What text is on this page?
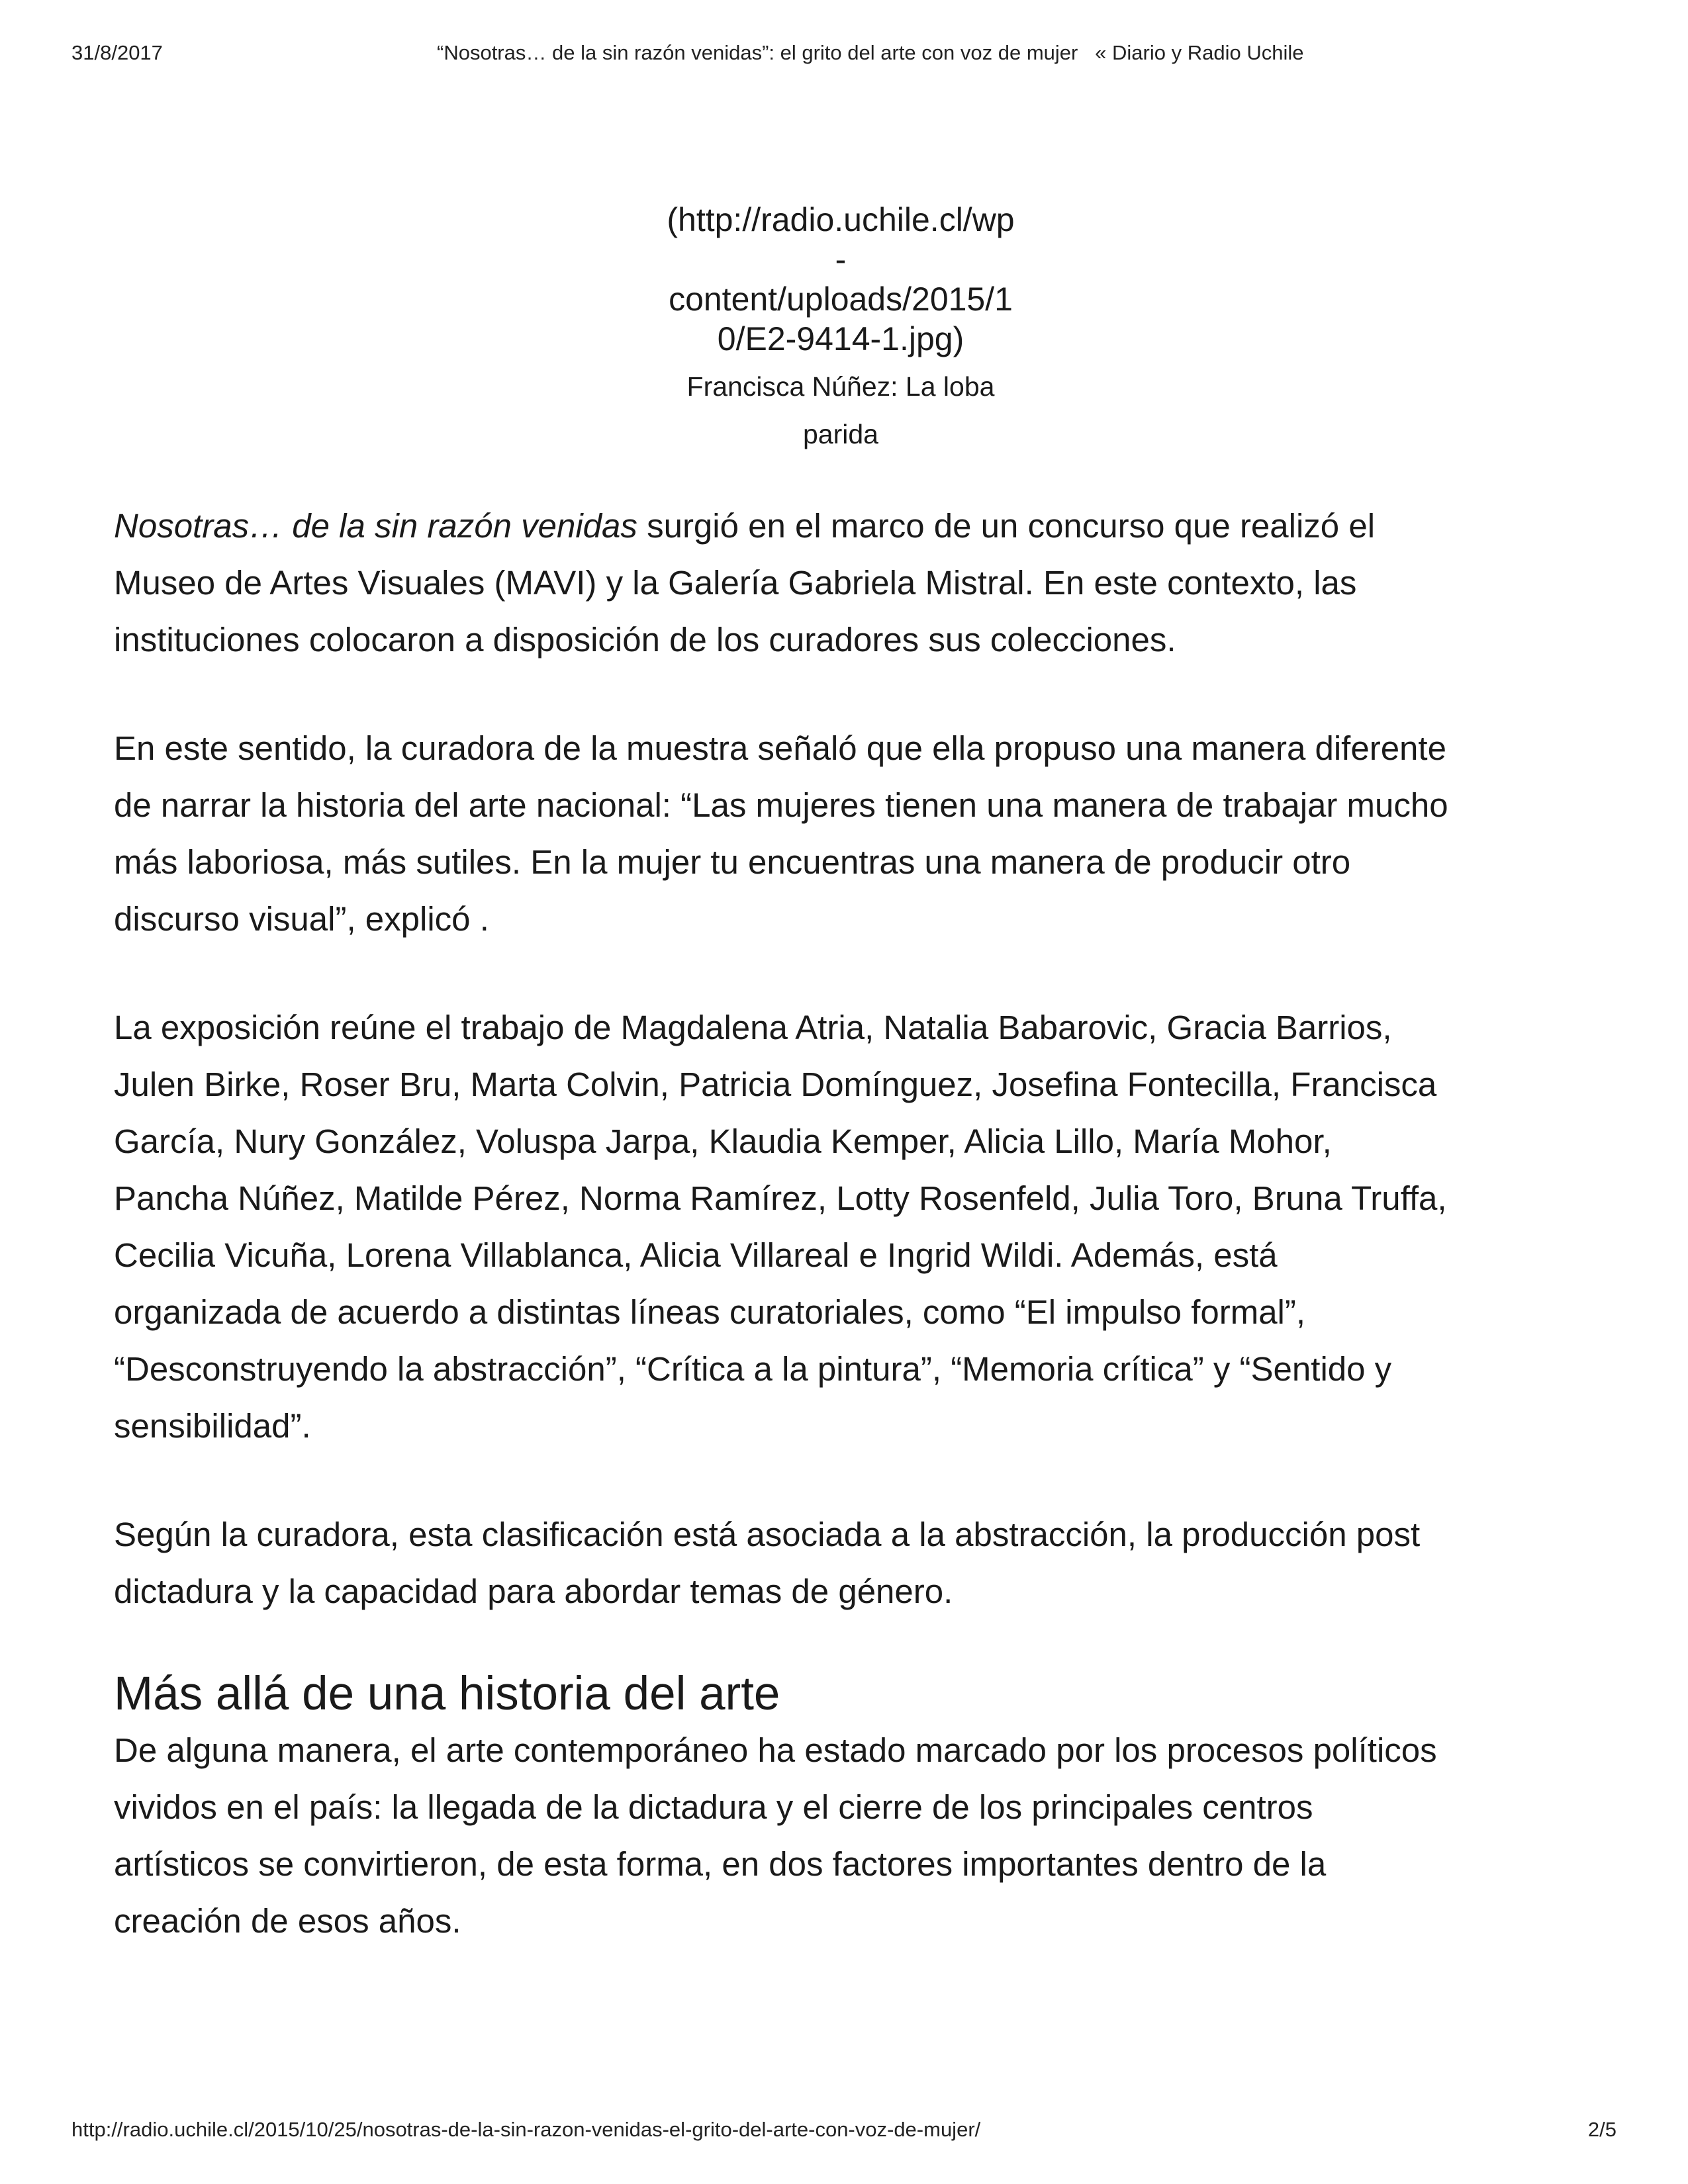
31/8/2017	“Nosotras… de la sin razón venidas”: el grito del arte con voz de mujer   « Diario y Radio Uchile
(http://radio.uchile.cl/wp
-
content/uploads/2015/1
0/E2-9414-1.jpg)
Francisca Núñez: La loba
parida

Nosotras… de la sin razón venidas surgió en el marco de un concurso que realizó el
Museo de Artes Visuales (MAVI) y la Galería Gabriela Mistral. En este contexto, las
instituciones colocaron a disposición de los curadores sus colecciones.

En este sentido, la curadora de la muestra señaló que ella propuso una manera diferente
de narrar la historia del arte nacional: “Las mujeres tienen una manera de trabajar mucho
más laboriosa, más sutiles. En la mujer tu encuentras una manera de producir otro
discurso visual”, explicó .

La exposición reúne el trabajo de Magdalena Atria, Natalia Babarovic, Gracia Barrios,
Julen Birke, Roser Bru, Marta Colvin, Patricia Domínguez, Josefina Fontecilla, Francisca
García, Nury González, Voluspa Jarpa, Klaudia Kemper, Alicia Lillo, María Mohor,
Pancha Núñez, Matilde Pérez, Norma Ramírez, Lotty Rosenfeld, Julia Toro, Bruna Truffa,
Cecilia Vicuña, Lorena Villablanca, Alicia Villareal e Ingrid Wildi. Además, está
organizada de acuerdo a distintas líneas curatoriales, como “El impulso formal”,
“Desconstruyendo la abstracción”, “Crítica a la pintura”, “Memoria crítica” y “Sentido y
sensibilidad”.

Según la curadora, esta clasificación está asociada a la abstracción, la producción post
dictadura y la capacidad para abordar temas de género.

Más allá de una historia del arte

De alguna manera, el arte contemporáneo ha estado marcado por los procesos políticos
vividos en el país: la llegada de la dictadura y el cierre de los principales centros
artísticos se convirtieron, de esta forma, en dos factores importantes dentro de la
creación de esos años.

http://radio.uchile.cl/2015/10/25/nosotras-de-la-sin-razon-venidas-el-grito-del-arte-con-voz-de-mujer/	2/5
